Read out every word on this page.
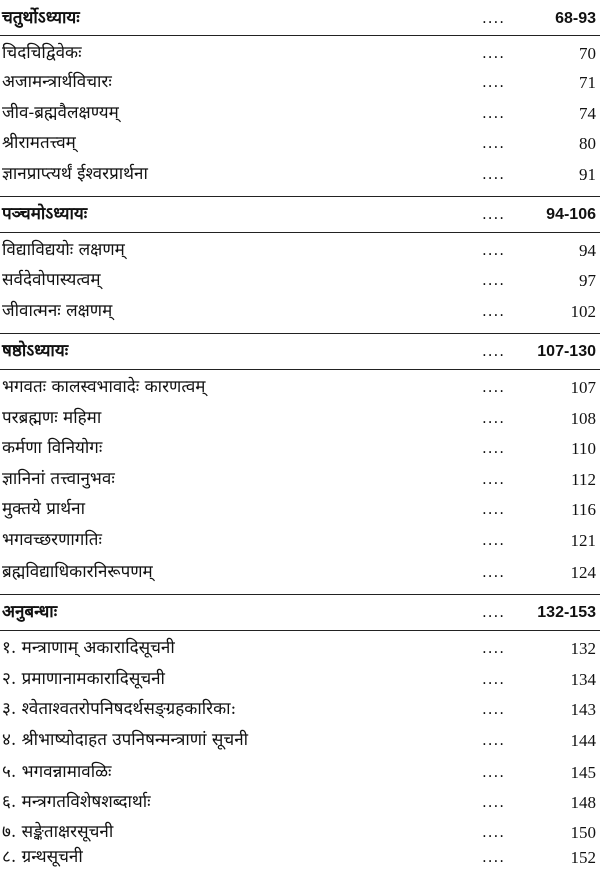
चतुर्थोऽध्यायः	....	68-93
चिदचिद्विवेकः	....	70
अजामन्त्रार्थविचारः	....	71
जीव-ब्रह्मवैलक्षण्यम्	....	74
श्रीरामतत्त्वम्	....	80
ज्ञानप्राप्त्यर्थं ईश्वरप्रार्थना	....	91
पञ्चमोऽध्यायः	....	94-106
विद्याविद्ययोः लक्षणम्	....	94
सर्वदेवोपास्यत्वम्	....	97
जीवात्मनः लक्षणम्	....	102
षष्ठोऽध्यायः	.... 107-130
भगवतः कालस्वभावादेः कारणत्वम्	....	107
परब्रह्मणः महिमा	....	108
कर्मणा विनियोगः	....	110
ज्ञानिनां तत्त्वानुभवः	....	112
मुक्तये प्रार्थना	....	116
भगवच्छरणागतिः	....	121
ब्रह्मविद्याधिकारनिरूपणम्	....	124
अनुबन्धाः	.... 132-153
१. मन्त्राणाम् अकारादिसूचनी	....	132
२. प्रमाणानामकारादिसूचनी	....	134
३. श्वेताश्वतरोपनिषदर्थसङ्ग्रहकारिका:	....	143
४. श्रीभाष्योदाहत उपनिषन्मन्त्राणां सूचनी	....	144
५. भगवन्नामावळिः	....	145
६. मन्त्रगतविशेषशब्दार्थाः	....	148
७. सङ्केताक्षरसूचनी	....	150
८. ग्रन्थसूचनी	....	152
